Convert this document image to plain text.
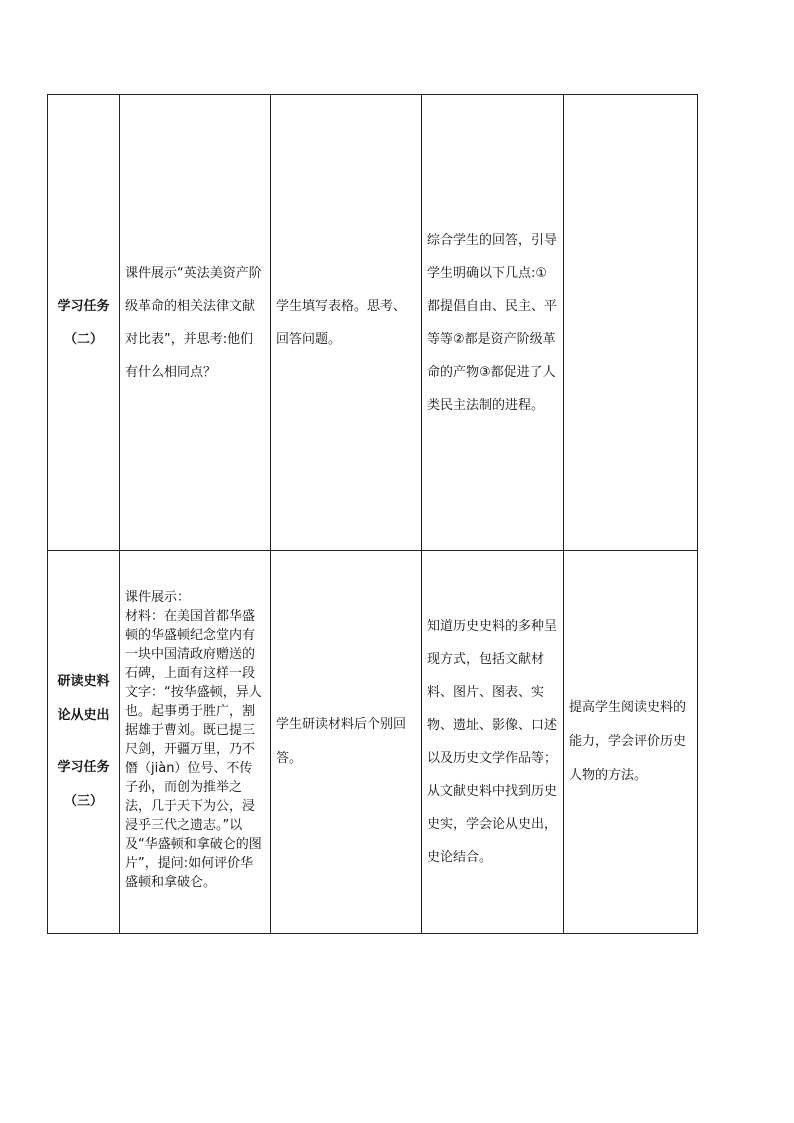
学习任务
（二）	课件展示“英法美资产阶级革命的相关法律文献对比表”，并思考:他们有什么相同点？	学生填写表格。思考、回答问题。	综合学生的回答，引导学生明确以下几点:①都提倡自由、民主、平等等②都是资产阶级革命的产物③都促进了人类民主法制的进程。	

研读史料
论从史出
学习任务
（三）	课件展示：
材料：在美国首都华盛顿的华盛顿纪念堂内有一块中国清政府赠送的石碑，上面有这样一段文字：“按华盛顿，异人也。起事勇于胜广，割据雄于曹刘。既已提三尺剑，开疆万里，乃不僭（jiàn）位号、不传子孙，而创为推举之法，几于天下为公，浸浸乎三代之遗志。”以及“华盛顿和拿破仑的图片”，提问:如何评价华盛顿和拿破仑。	学生研读材料后个别回答。	知道历史史料的多种呈现方式，包括文献材料、图片、图表、实物、遗址、影像、口述以及历史文学作品等；从文献史料中找到历史史实，学会论从史出，史论结合。	提高学生阅读史料的能力，学会评价历史人物的方法。
